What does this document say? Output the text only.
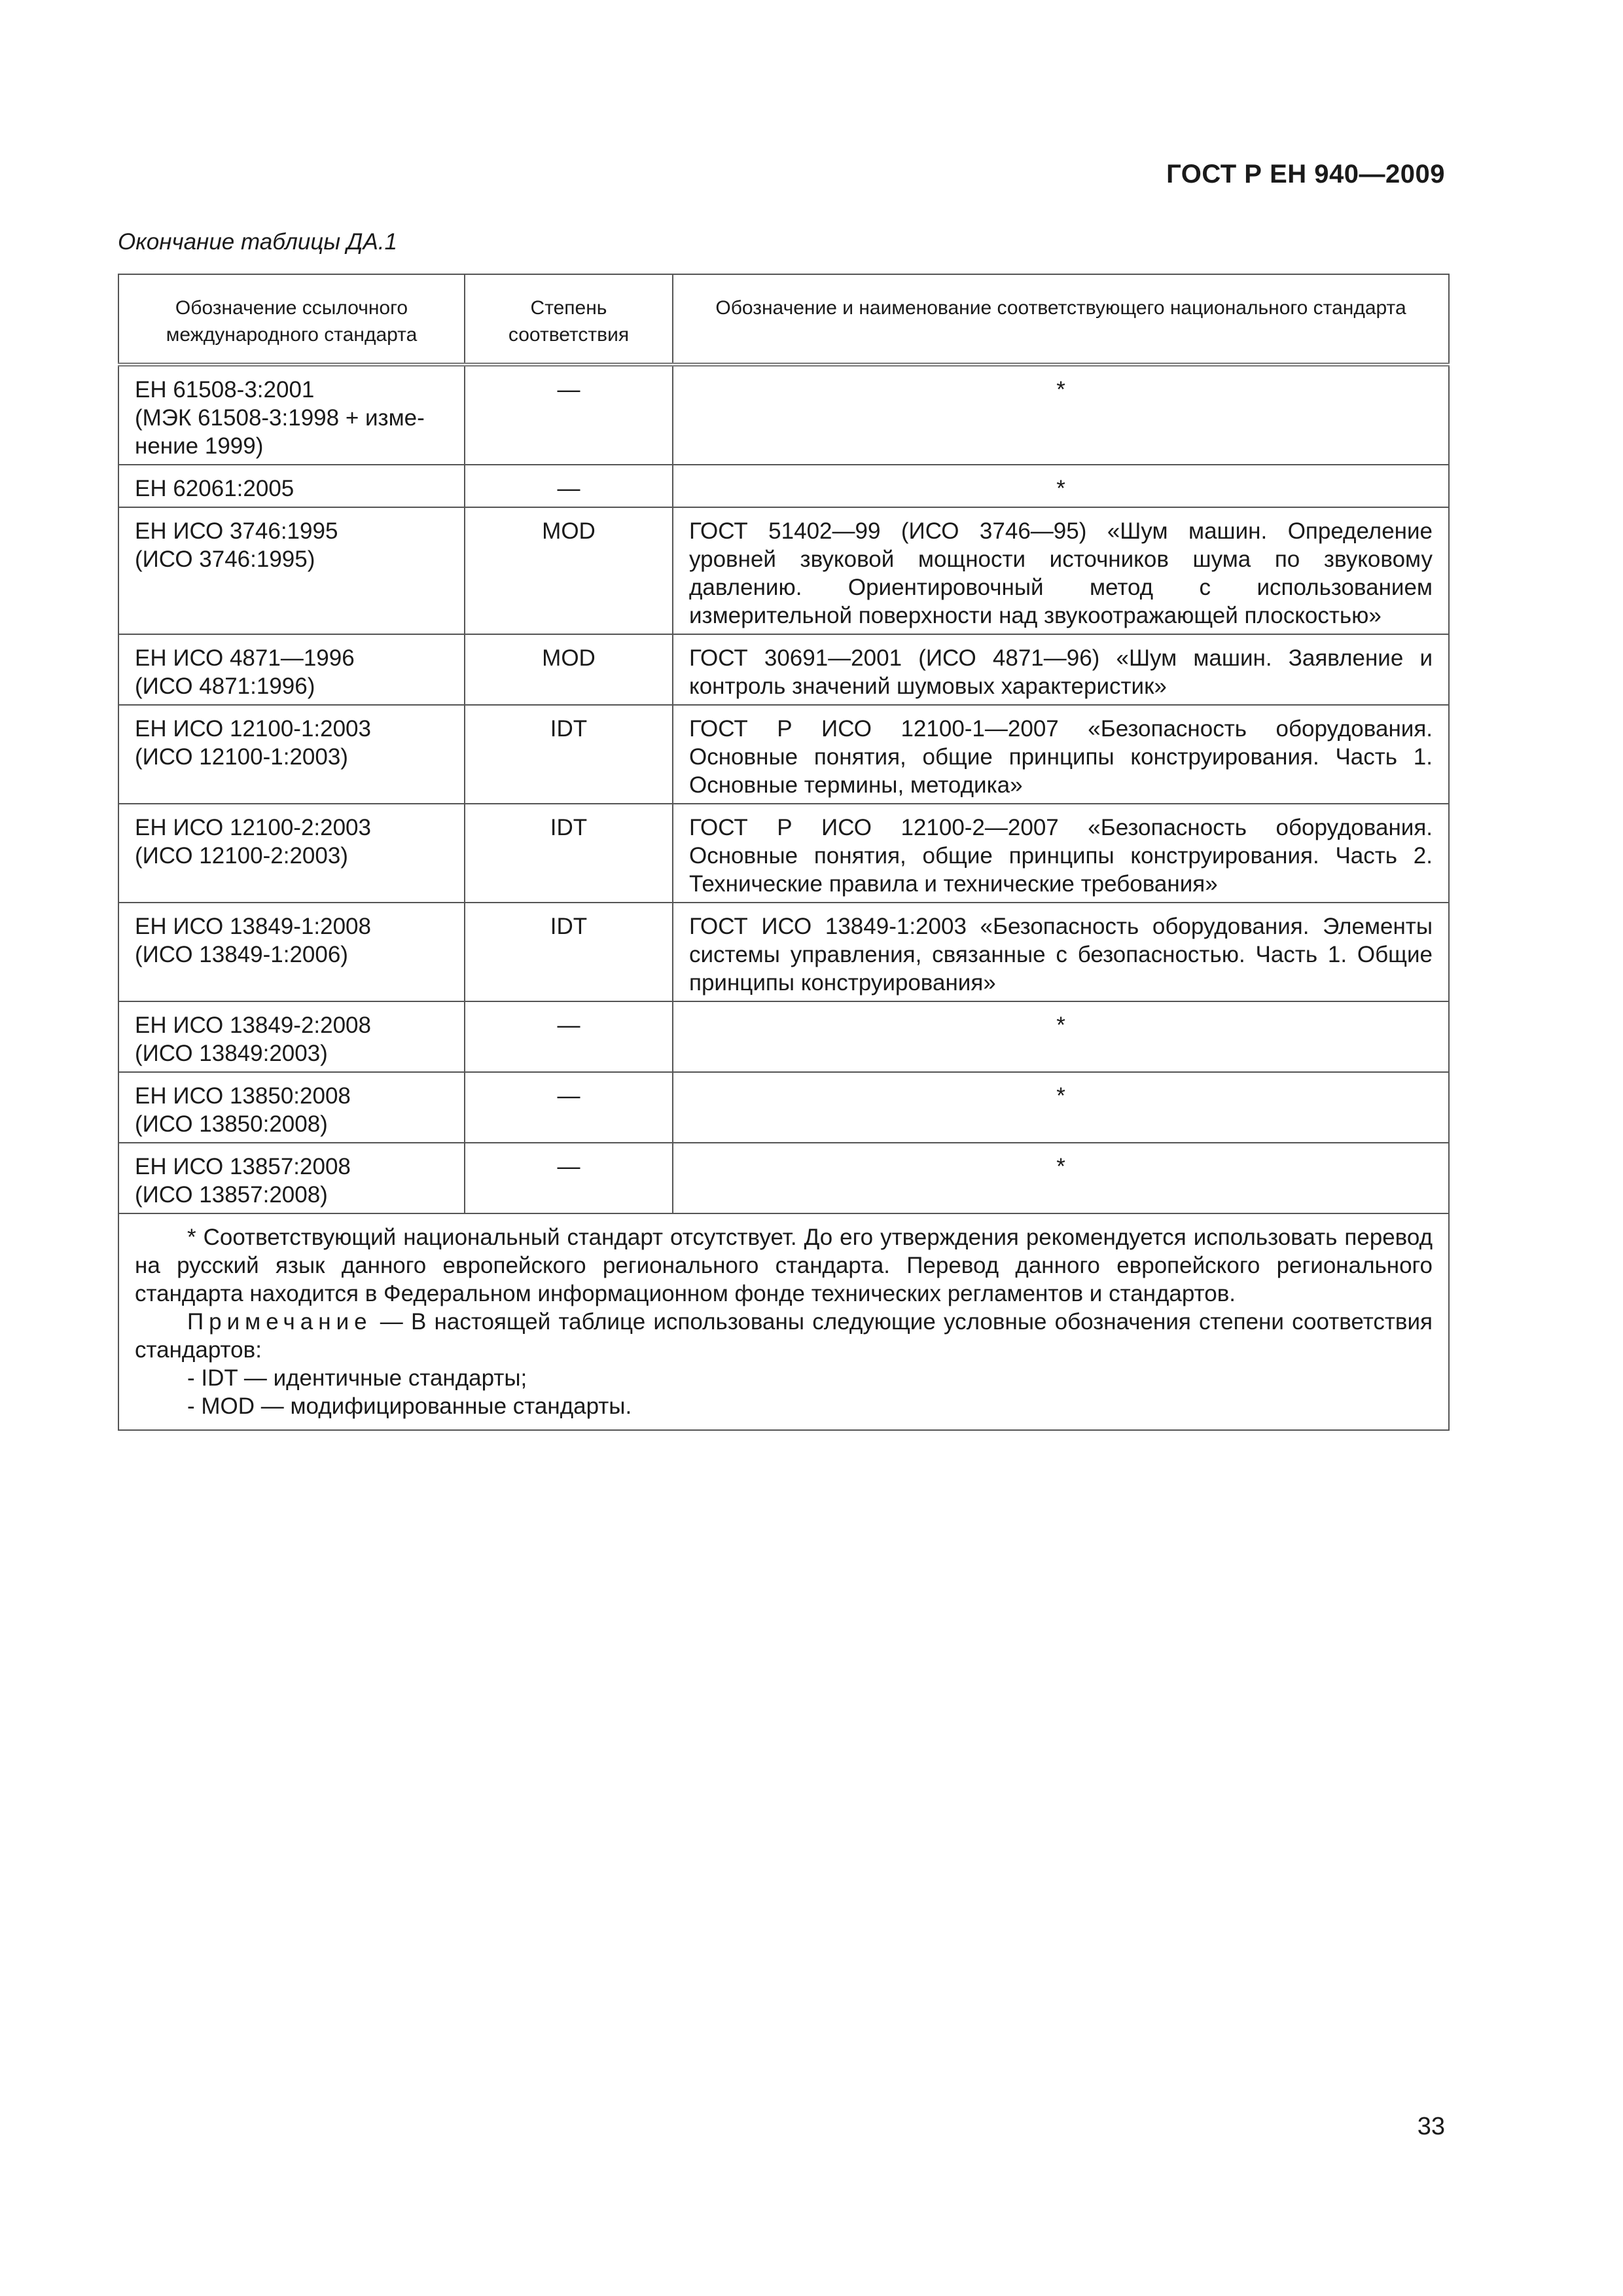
ГОСТ Р ЕН 940—2009
Окончание таблицы ДА.1
Обозначение ссылочного международного стандарта	Степень соответствия	Обозначение и наименование соответствующего национального стандарта
ЕН 61508-3:2001
(МЭК 61508-3:1998 + изме-
нение 1999)	—	*
ЕН 62061:2005	—	*
ЕН ИСО 3746:1995
(ИСО 3746:1995)	MOD	ГОСТ 51402—99 (ИСО 3746—95) «Шум машин. Определение уровней звуковой мощности источников шума по звуковому давлению. Ориентировочный метод с использованием измерительной поверхности над звукоотражающей плоскостью»
ЕН ИСО 4871—1996
(ИСО 4871:1996)	MOD	ГОСТ 30691—2001 (ИСО 4871—96) «Шум машин. Заявление и контроль значений шумовых характеристик»
ЕН ИСО 12100-1:2003
(ИСО 12100-1:2003)	IDT	ГОСТ Р ИСО 12100-1—2007 «Безопасность оборудования. Основные понятия, общие принципы конструирования. Часть 1. Основные термины, методика»
ЕН ИСО 12100-2:2003
(ИСО 12100-2:2003)	IDT	ГОСТ Р ИСО 12100-2—2007 «Безопасность оборудования. Основные понятия, общие принципы конструирования. Часть 2. Технические правила и технические требования»
ЕН ИСО 13849-1:2008
(ИСО 13849-1:2006)	IDT	ГОСТ ИСО 13849-1:2003 «Безопасность оборудования. Элементы системы управления, связанные с безопасностью. Часть 1. Общие принципы конструирования»
ЕН ИСО 13849-2:2008
(ИСО 13849:2003)	—	*
ЕН ИСО 13850:2008
(ИСО 13850:2008)	—	*
ЕН ИСО 13857:2008
(ИСО 13857:2008)	—	*

* Соответствующий национальный стандарт отсутствует. До его утверждения рекомендуется использовать перевод на русский язык данного европейского регионального стандарта. Перевод данного европейского регионального стандарта находится в Федеральном информационном фонде технических регламентов и стандартов.
Примечание — В настоящей таблице использованы следующие условные обозначения степени соответствия стандартов:
- IDT — идентичные стандарты;
- MOD — модифицированные стандарты.		
33
